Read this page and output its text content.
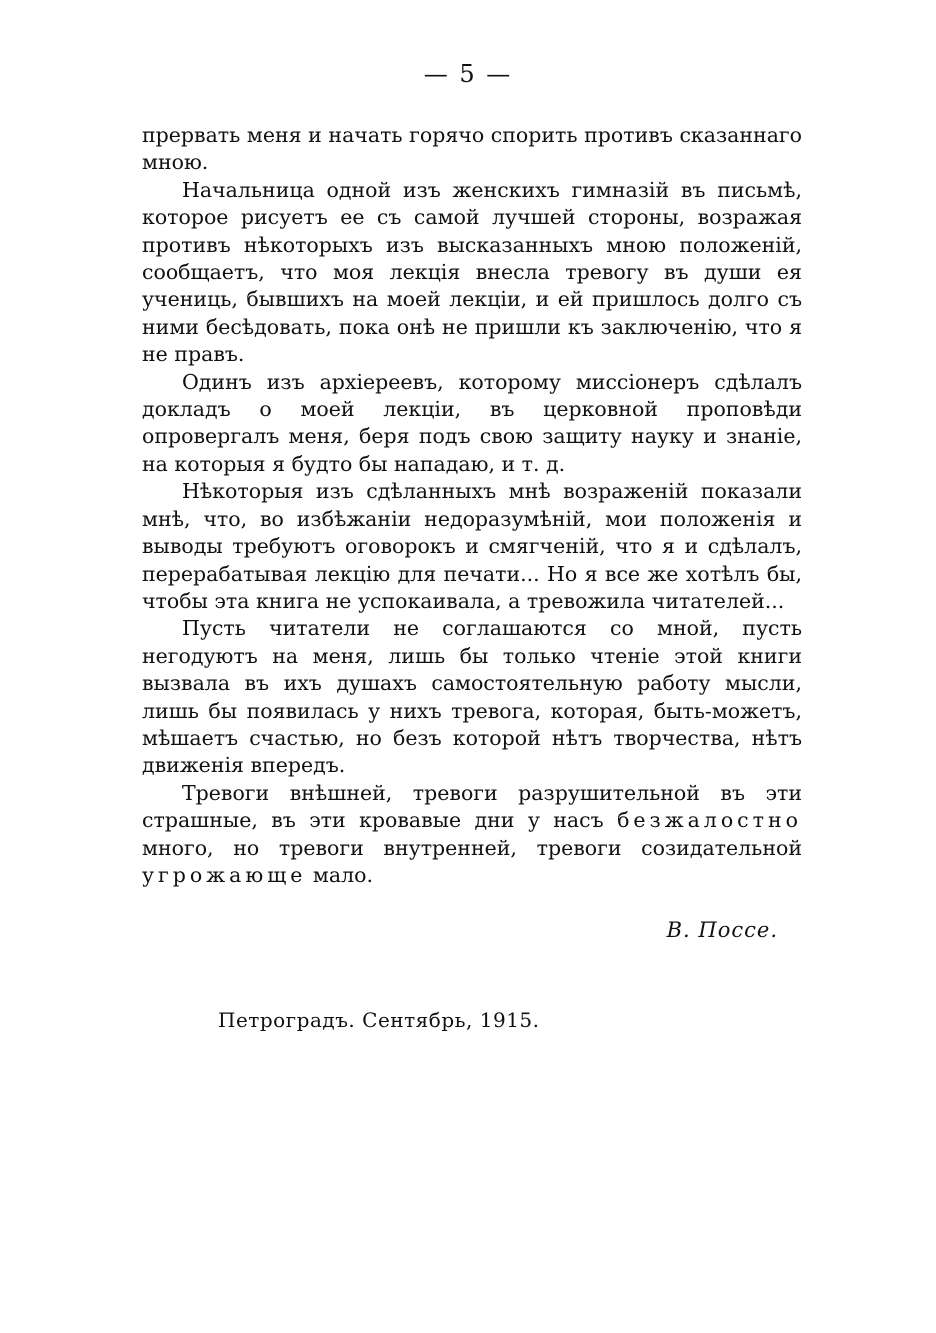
— 5 —

прервать меня и начать горячо спорить противъ сказаннаго мною.

Начальница одной изъ женскихъ гимназій въ письмѣ, которое рисуетъ ее съ самой лучшей стороны, возражая противъ нѣкоторыхъ изъ высказанныхъ мною положеній, сообщаетъ, что моя лекція внесла тревогу въ души ея учениць, бывшихъ на моей лекціи, и ей пришлось долго съ ними бесѣдовать, пока онѣ не пришли къ заключенію, что я не правъ.

Одинъ изъ архіереевъ, которому миссіонеръ сдѣлалъ докладъ о моей лекціи, въ церковной проповѣди опровергалъ меня, беря подъ свою защиту науку и знаніе, на которыя я будто бы нападаю, и т. д.

Нѣкоторыя изъ сдѣланныхъ мнѣ возраженій показали мнѣ, что, во избѣжаніи недоразумѣній, мои положенія и выводы требуютъ оговорокъ и смягченій, что я и сдѣлалъ, перерабатывая лекцію для печати... Но я все же хотѣлъ бы, чтобы эта книга не успокаивала, а тревожила читателей...

Пусть читатели не соглашаются со мной, пусть негодуютъ на меня, лишь бы только чтеніе этой книги вызвала въ ихъ душахъ самостоятельную работу мысли, лишь бы появилась у нихъ тревога, которая, быть-можетъ, мѣшаетъ счастью, но безъ которой нѣтъ творчества, нѣтъ движенія впередъ.

Тревоги внѣшней, тревоги разрушительной въ эти страшные, въ эти кровавые дни у насъ безжалостно много, но тревоги внутренней, тревоги созидательной угрожающе мало.

В. Поссе.
Петроградъ. Сентябрь, 1915.
